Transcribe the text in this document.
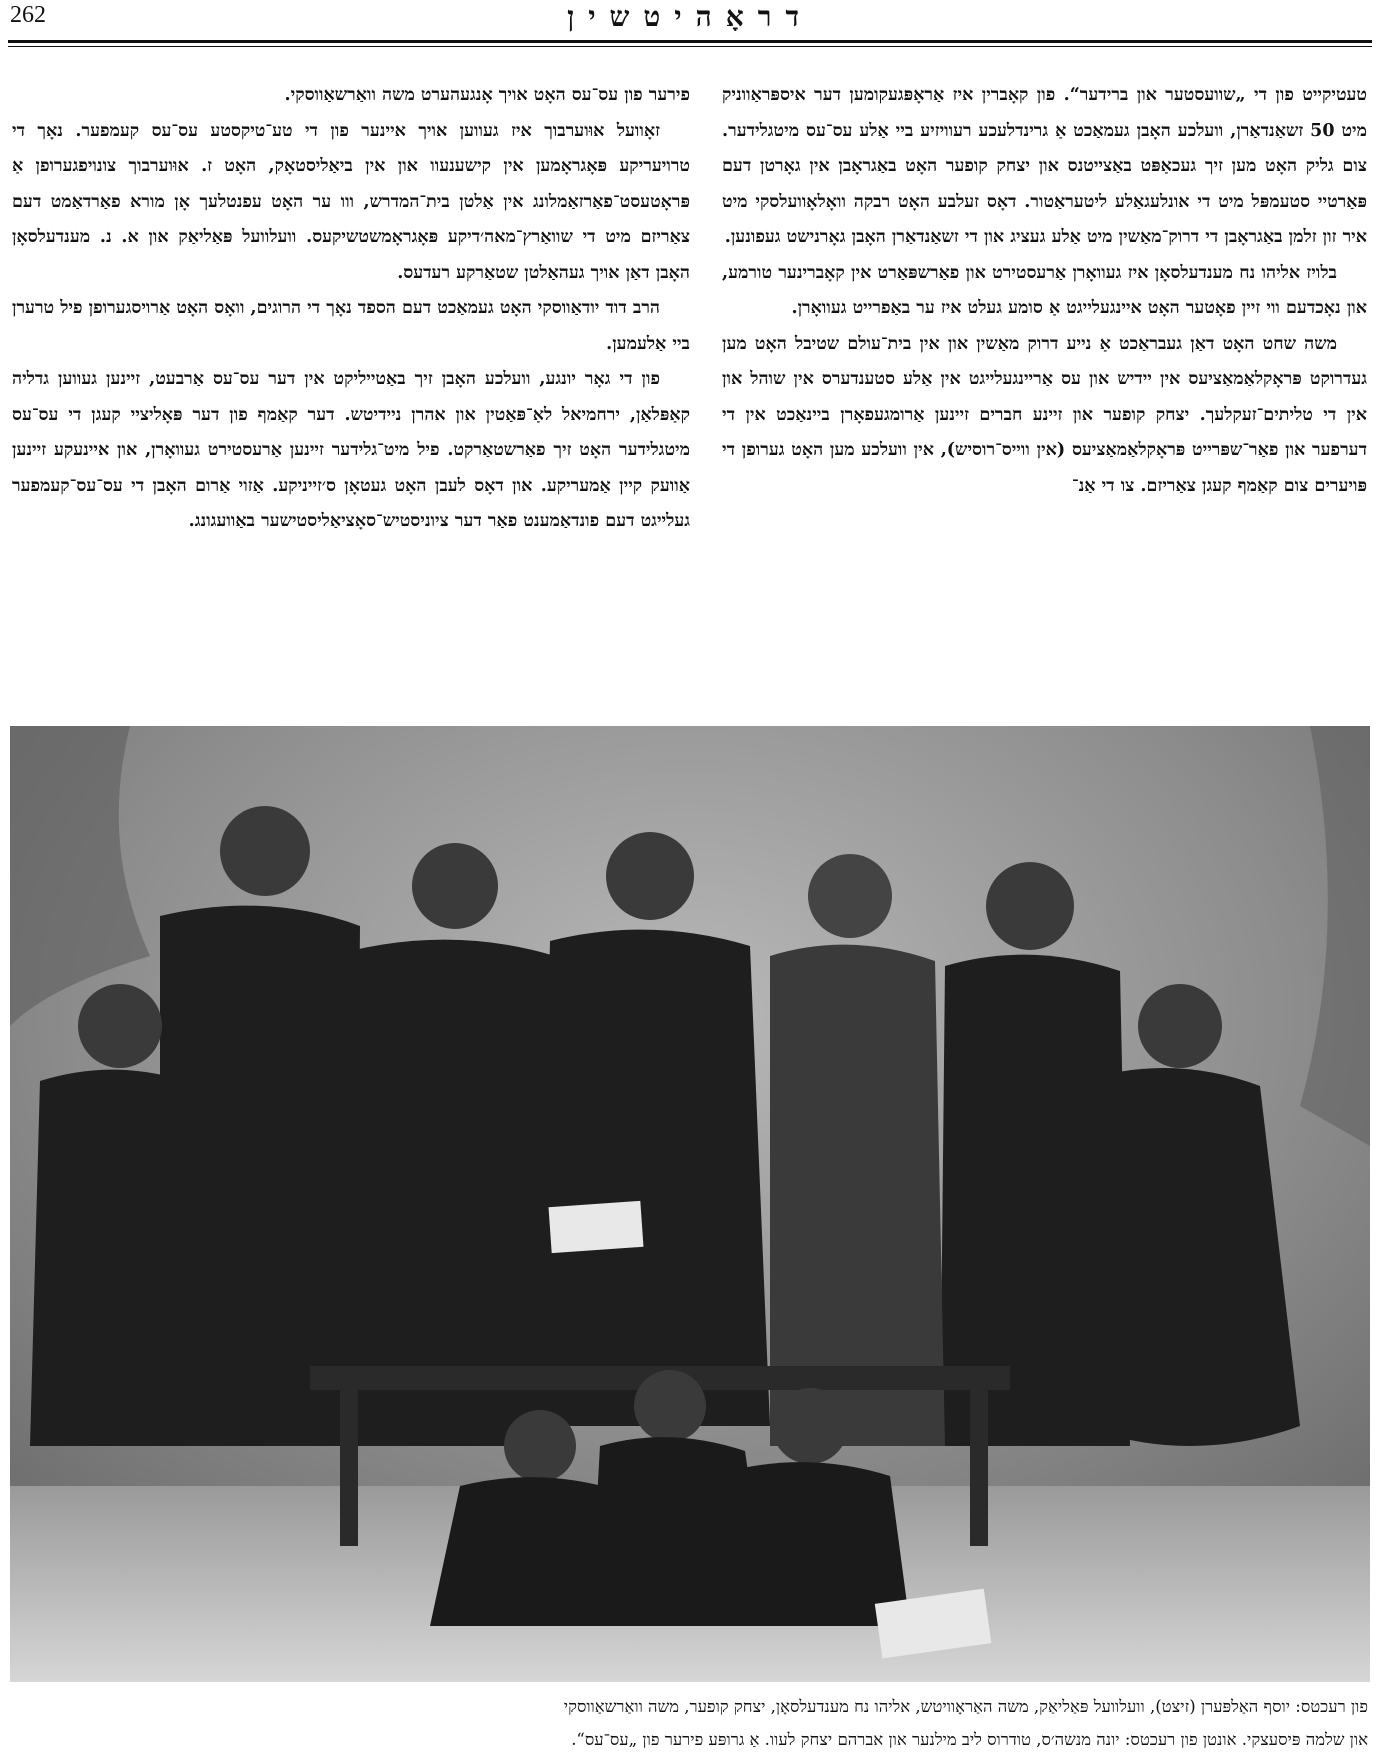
262	דראָהיטשין

טעטיקייט פון די „שוועסטער און ברידער“. פון קאָברין איז אַראָפּגעקומען דער איספּראַווניק מיט 50 זשאַנדאַרן, וועלכע האָבן געמאַכט אַ גרינדלעכע רעוויזיע ביי אַלע עס־עס מיטגלידער. צום גליק האָט מען זיך געכאַפּט באַצייטנס און יצחק קופער האָט באַגראָבן אין גאָרטן דעם פּאַרטיי סטעמפּל מיט די אונלעגאַלע ליטעראַטור. דאָס זעלבע האָט רבקה וואָלאָוועלסקי מיט איר זון זלמן באַגראָבן די דרוק־מאַשין מיט אַלע געציג און די זשאַנדאַרן האָבן גאָרנישט געפונען.

בלויז אליהו נח מענדעלסאָן איז געוואָרן אַרעסטירט און פאַרשפּאַרט אין קאָברינער טורמע, און נאָכדעם ווי זיין פאָטער האָט איינגעלייגט אַ סומע געלט איז ער באַפרייט געוואָרן.

משה שחט האָט דאַן געבראַכט אַ נייע דרוק מאַשין און אין בית־עולם שטיבל האָט מען געדרוקט פּראָקלאַמאַציעס אין יידיש און עס אַריינגעלייגט אין אַלע סטענדערס אין שוהל און אין די טליתים־זעקלעך. יצחק קופער און זיינע חברים זיינען אַרומגעפאָרן ביינאַכט אין די דערפער און פאַר־שפּרייט פּראָקלאַמאַציעס (אין ווייס־רוסיש), אין וועלכע מען האָט גערופן די פּויערים צום קאַמף קעגן צאַריזם. צו די אַנ־

פירער פון עס־עס האָט אויך אָנגעהערט משה וואַרשאַווסקי.

זאָוועל אוּוערבוך איז געווען אויך איינער פון די טע־טיקסטע עס־עס קעמפער. נאָך די טרויעריקע פּאָגראָמען אין קישענעוו און אין ביאַליסטאָק, האָט ז. אוּוערבוך צונויפגערופן אַ פּראָטעסט־פאַרזאַמלונג אין אַלטן בית־המדרש, ווו ער האָט עפנטלעך אָן מורא פאַרדאַמט דעם צאַריזם מיט די שוואַרץ־מאה׳דיקע פּאָגראָמשטשיקעס. וועלוועל פּאַליאַק און א. נ. מענדעלסאָן האָבן דאַן אויך געהאַלטן שטאַרקע רעדעס.

הרב דוד יודאַווסקי האָט געמאַכט דעם הספד נאָך די הרוגים, וואָס האָט אַרויסגערופן פיל טרערן ביי אַלעמען.

פון די גאָר יונגע, וועלכע האָבן זיך באַטייליקט אין דער עס־עס אַרבעט, זיינען געווען גדליה קאַפּלאַן, ירחמיאל לאַ־פּאַטין און אהרן ניידיטש. דער קאַמף פון דער פּאָליציי קעגן די עס־עס מיטגלידער האָט זיך פאַרשטאַרקט. פיל מיט־גלידער זיינען אַרעסטירט געוואָרן, און איינעקע זיינען אַוועק קיין אַמעריקע. און דאָס לעבן האָט געטאָן ס׳זייניקע. אַזוי אַרום האָבן די עס־עס־קעמפער געלייגט דעם פונדאַמענט פאַר דער ציוניסטיש־סאָציאַליסטישער באַוועגונג.

פון רעכטס: יוסף האַלפּערן (זיצט), וועלוועל פּאַליאַק, משה האַראָוויטש, אליהו נח מענדעלסאָן, יצחק קופער, משה וואַרשאַווסקי
און שלמה פּיסעצקי. אונטן פון רעכטס: יונה מנשה׳ס, טודרוס ליב מילנער און אברהם יצחק לעוו. אַ גרופּע פירער פון „עס־עס“.
